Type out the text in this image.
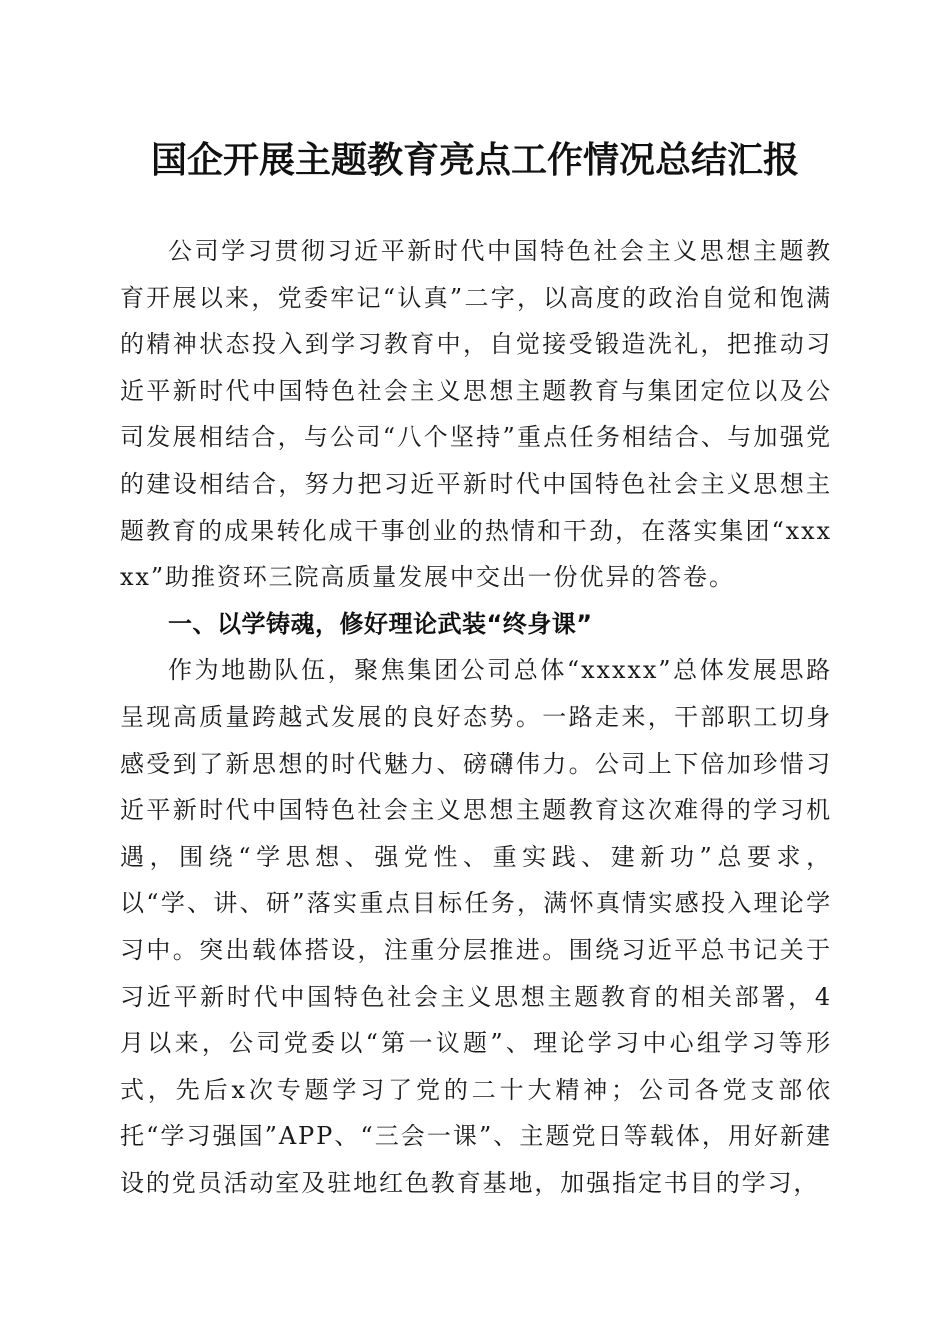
国企开展主题教育亮点工作情况总结汇报

公司学习贯彻习近平新时代中国特色社会主义思想主题教育开展以来，党委牢记“认真”二字，以高度的政治自觉和饱满的精神状态投入到学习教育中，自觉接受锻造洗礼，把推动习近平新时代中国特色社会主义思想主题教育与集团定位以及公司发展相结合，与公司“八个坚持”重点任务相结合、与加强党的建设相结合，努力把习近平新时代中国特色社会主义思想主题教育的成果转化成干事创业的热情和干劲，在落实集团“xxxxx”助推资环三院高质量发展中交出一份优异的答卷。

一、以学铸魂，修好理论武装“终身课”

作为地勘队伍，聚焦集团公司总体“xxxxx”总体发展思路呈现高质量跨越式发展的良好态势。一路走来，干部职工切身感受到了新思想的时代魅力、磅礴伟力。公司上下倍加珍惜习近平新时代中国特色社会主义思想主题教育这次难得的学习机遇，围绕“学思想、强党性、重实践、建新功”总要求，以“学、讲、研”落实重点目标任务，满怀真情实感投入理论学习中。突出载体搭设，注重分层推进。围绕习近平总书记关于习近平新时代中国特色社会主义思想主题教育的相关部署，4月以来，公司党委以“第一议题”、理论学习中心组学习等形式，先后x次专题学习了党的二十大精神；公司各党支部依托“学习强国”APP、“三会一课”、主题党日等载体，用好新建设的党员活动室及驻地红色教育基地，加强指定书目的学习，
